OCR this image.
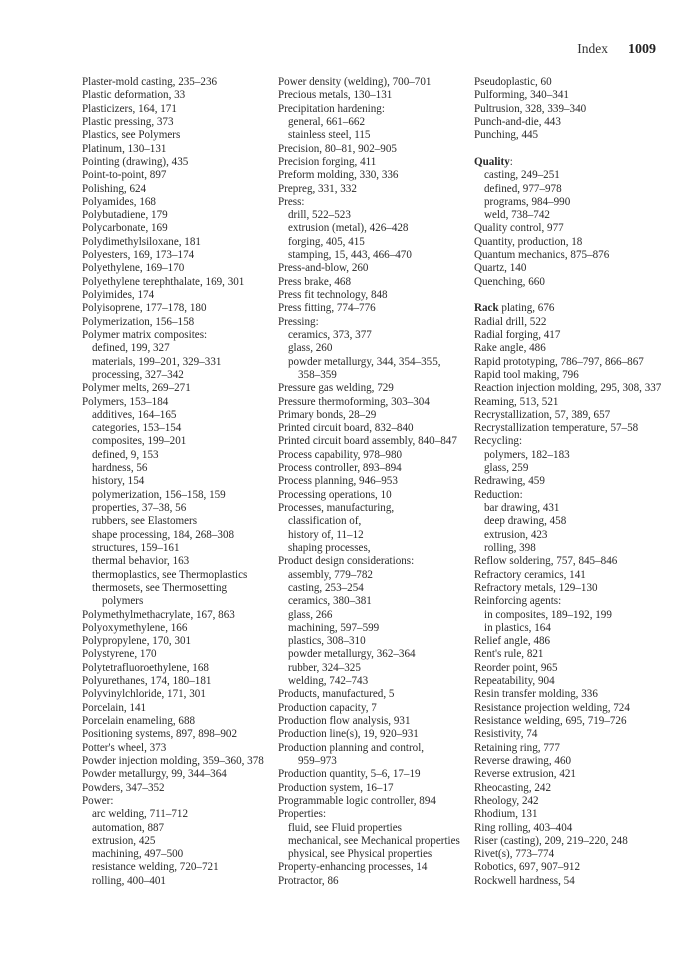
Index 1009
Plaster-mold casting, 235–236
Plastic deformation, 33
Plasticizers, 164, 171
Plastic pressing, 373
Plastics, see Polymers
Platinum, 130–131
Pointing (drawing), 435
Point-to-point, 897
Polishing, 624
Polyamides, 168
Polybutadiene, 179
Polycarbonate, 169
Polydimethylsiloxane, 181
Polyesters, 169, 173–174
Polyethylene, 169–170
Polyethylene terephthalate, 169, 301
Polyimides, 174
Polyisoprene, 177–178, 180
Polymerization, 156–158
Polymer matrix composites:
defined, 199, 327
materials, 199–201, 329–331
processing, 327–342
Polymer melts, 269–271
Polymers, 153–184
additives, 164–165
categories, 153–154
composites, 199–201
defined, 9, 153
hardness, 56
history, 154
polymerization, 156–158, 159
properties, 37–38, 56
rubbers, see Elastomers
shape processing, 184, 268–308
structures, 159–161
thermal behavior, 163
thermoplastics, see Thermoplastics
thermosets, see Thermosetting
polymers
Polymethylmethacrylate, 167, 863
Polyoxymethylene, 166
Polypropylene, 170, 301
Polystyrene, 170
Polytetrafluoroethylene, 168
Polyurethanes, 174, 180–181
Polyvinylchloride, 171, 301
Porcelain, 141
Porcelain enameling, 688
Positioning systems, 897, 898–902
Potter's wheel, 373
Powder injection molding, 359–360, 378
Powder metallurgy, 99, 344–364
Powders, 347–352
Power:
arc welding, 711–712
automation, 887
extrusion, 425
machining, 497–500
resistance welding, 720–721
rolling, 400–401
Power density (welding), 700–701
Precious metals, 130–131
Precipitation hardening:
general, 661–662
stainless steel, 115
Precision, 80–81, 902–905
Precision forging, 411
Preform molding, 330, 336
Prepreg, 331, 332
Press:
drill, 522–523
extrusion (metal), 426–428
forging, 405, 415
stamping, 15, 443, 466–470
Press-and-blow, 260
Press brake, 468
Press fit technology, 848
Press fitting, 774–776
Pressing:
ceramics, 373, 377
glass, 260
powder metallurgy, 344, 354–355,
358–359
Pressure gas welding, 729
Pressure thermoforming, 303–304
Primary bonds, 28–29
Printed circuit board, 832–840
Printed circuit board assembly, 840–847
Process capability, 978–980
Process controller, 893–894
Process planning, 946–953
Processing operations, 10
Processes, manufacturing,
classification of,
history of, 11–12
shaping processes,
Product design considerations:
assembly, 779–782
casting, 253–254
ceramics, 380–381
glass, 266
machining, 597–599
plastics, 308–310
powder metallurgy, 362–364
rubber, 324–325
welding, 742–743
Products, manufactured, 5
Production capacity, 7
Production flow analysis, 931
Production line(s), 19, 920–931
Production planning and control,
959–973
Production quantity, 5–6, 17–19
Production system, 16–17
Programmable logic controller, 894
Properties:
fluid, see Fluid properties
mechanical, see Mechanical properties
physical, see Physical properties
Property-enhancing processes, 14
Protractor, 86
Pseudoplastic, 60
Pulforming, 340–341
Pultrusion, 328, 339–340
Punch-and-die, 443
Punching, 445
Quality:
casting, 249–251
defined, 977–978
programs, 984–990
weld, 738–742
Quality control, 977
Quantity, production, 18
Quantum mechanics, 875–876
Quartz, 140
Quenching, 660
Rack plating, 676
Radial drill, 522
Radial forging, 417
Rake angle, 486
Rapid prototyping, 786–797, 866–867
Rapid tool making, 796
Reaction injection molding, 295, 308, 337
Reaming, 513, 521
Recrystallization, 57, 389, 657
Recrystallization temperature, 57–58
Recycling:
polymers, 182–183
glass, 259
Redrawing, 459
Reduction:
bar drawing, 431
deep drawing, 458
extrusion, 423
rolling, 398
Reflow soldering, 757, 845–846
Refractory ceramics, 141
Refractory metals, 129–130
Reinforcing agents:
in composites, 189–192, 199
in plastics, 164
Relief angle, 486
Rent's rule, 821
Reorder point, 965
Repeatability, 904
Resin transfer molding, 336
Resistance projection welding, 724
Resistance welding, 695, 719–726
Resistivity, 74
Retaining ring, 777
Reverse drawing, 460
Reverse extrusion, 421
Rheocasting, 242
Rheology, 242
Rhodium, 131
Ring rolling, 403–404
Riser (casting), 209, 219–220, 248
Rivet(s), 773–774
Robotics, 697, 907–912
Rockwell hardness, 54
